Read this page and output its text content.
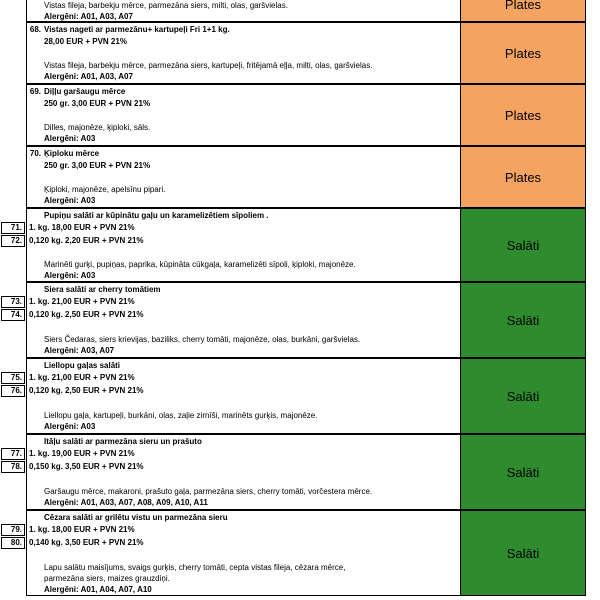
Vistas fileja, barbekju mērce, parmezāna siers, milti, olas, garšvielas.
Alergēni: A01, A03, A07
Plates
68. Vistas nageti ar parmezānu+ kartupeļi Fri 1+1 kg.
28,00 EUR + PVN 21%
Vistas fileja, barbekju mērce, parmezāna siers, kartupeļi, fritējamā eļļa, milti, olas, garšvielas.
Alergēni: A01, A03, A07
Plates
69. Diļļu garšaugu mērce
250 gr. 3,00 EUR + PVN 21%
Dilles, majonēze, ķiploki, sāls.
Alergēni: A03
Plates
70. Ķiploku mērce
250 gr. 3,00 EUR + PVN 21%
Ķiploki, majonēze, apelsīnu pipari.
Alergēni: A03
Plates
Pupiņu salāti ar kūpinātu gaļu un karamelizētiem sīpoliem .
71. 1. kg. 18,00 EUR + PVN 21%
72. 0,120 kg. 2,20 EUR + PVN 21%
Marinēti gurķi, pupiņas, paprika, kūpināta cūkgaļa, karamelizēti sīpoli, ķiploki, majonēze.
Alergēni: A03
Salāti
Siera salāti ar cherry tomātiem
73. 1. kg. 21,00 EUR + PVN 21%
74. 0,120 kg. 2,50 EUR + PVN 21%
Siers Čedaras, siers krievijas, baziliks, cherry tomāti, majonēze, olas, burkāni, garšvielas.
Alergēni: A03, A07
Salāti
Liellopu gaļas salāti
75. 1. kg. 21,00 EUR + PVN 21%
76. 0,120 kg. 2,50 EUR + PVN 21%
Liellopu gaļa, kartupeļi, burkāni, olas, zaļie zirnīši, marinēts gurķis, majonēze.
Alergēni: A03
Salāti
Itāļu salāti ar parmezāna sieru un prašuto
77. 1. kg. 19,00 EUR + PVN 21%
78. 0,150 kg. 3,50 EUR + PVN 21%
Garšaugu mērce, makaroni, prašuto gaļa, parmezāna siers, cherry tomāti, vorčestera mērce.
Alergēni: A01, A03, A07, A08, A09, A10, A11
Salāti
Cēzara salāti ar grilētu vistu un parmezāna sieru
79. 1. kg. 18,00 EUR + PVN 21%
80. 0,140 kg. 3,50 EUR + PVN 21%
Lapu salātu maisījums, svaigs gurķis, cherry tomāti, cepta vistas fileja, cēzara mērce,
parmezāna siers, maizes grauzdiņi.
Alergēni: A01, A04, A07, A10
Salāti
